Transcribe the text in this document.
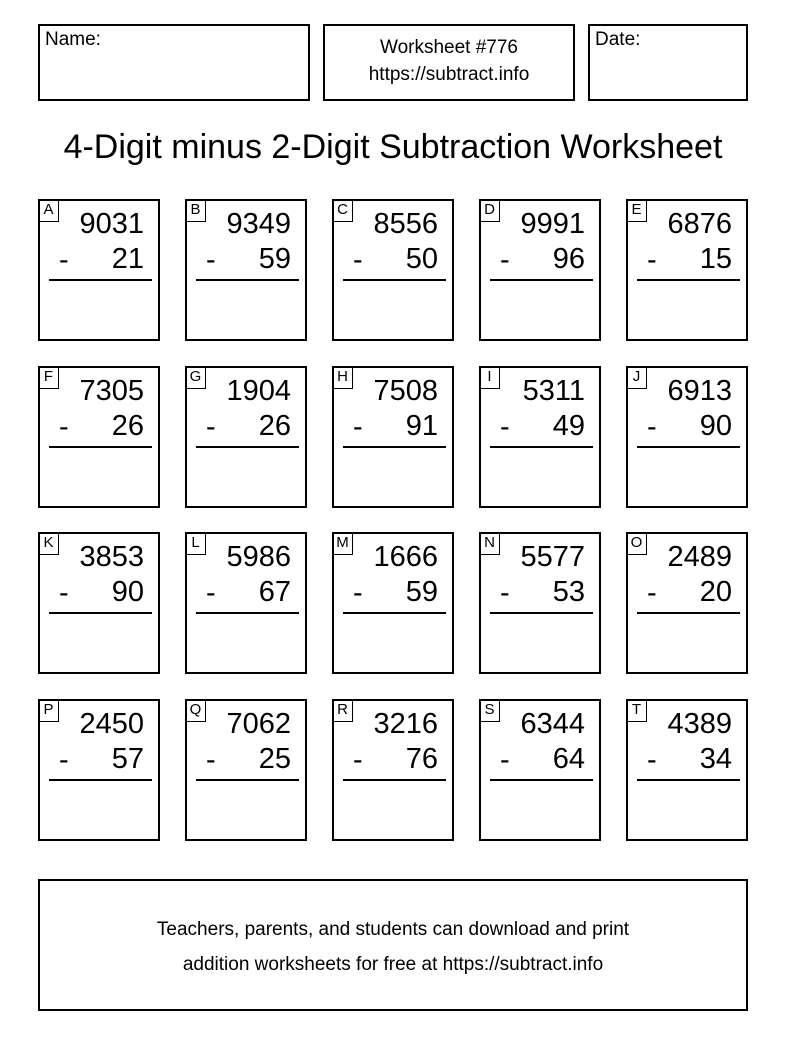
Name:	Worksheet #776
https://subtract.info
Date:
4-Digit minus 2-Digit Subtraction Worksheet
A 9031
- 21
B 9349
- 59
C 8556
- 50
D 9991
- 96
E 6876
- 15
F 7305
- 26
G 1904
- 26
H 7508
- 91
I 5311
- 49
J 6913
- 90
K 3853
- 90
L 5986
- 67
M 1666
- 59
N 5577
- 53
O 2489
- 20
P 2450
- 57
Q 7062
- 25
R 3216
- 76
S 6344
- 64
T 4389
- 34
Teachers, parents, and students can download and print
addition worksheets for free at https://subtract.info
